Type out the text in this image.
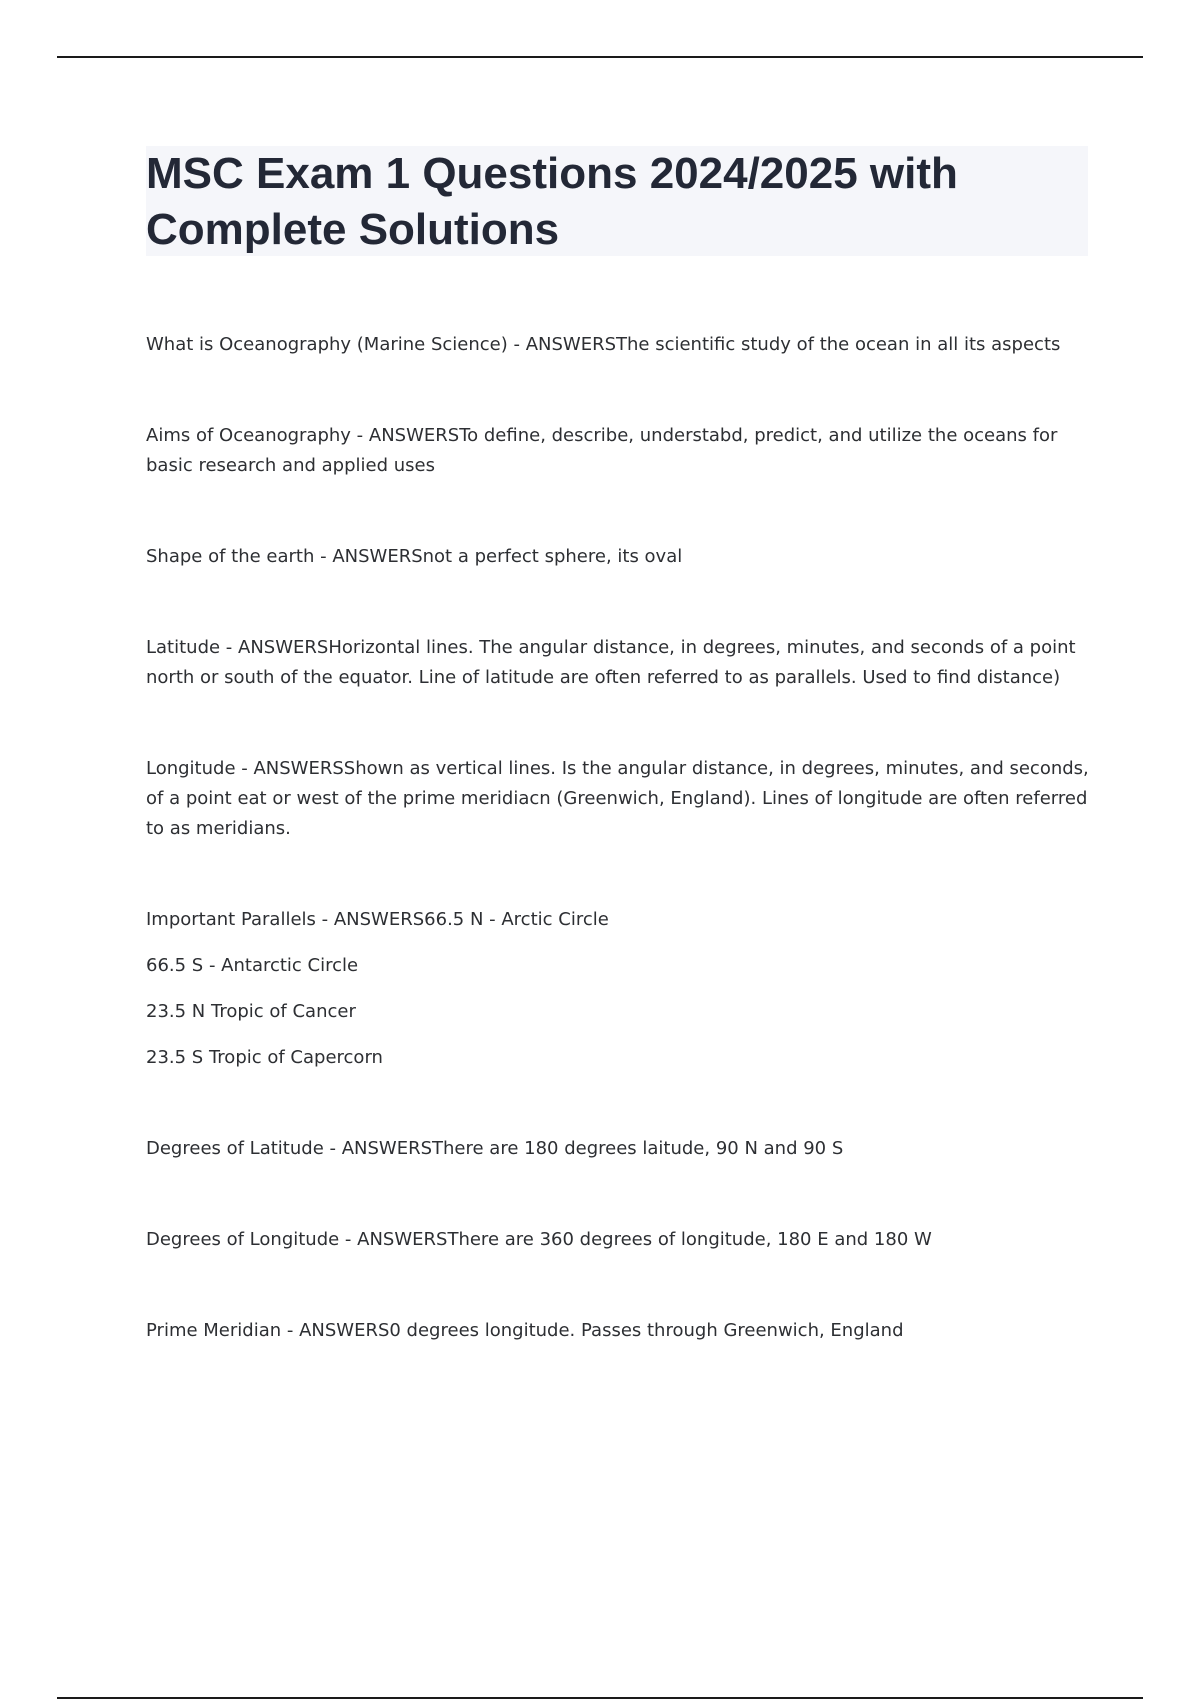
MSC Exam 1 Questions 2024/2025 with Complete Solutions

What is Oceanography (Marine Science) - ANSWERSThe scientific study of the ocean in all its aspects

Aims of Oceanography - ANSWERSTo define, describe, understabd, predict, and utilize the oceans for basic research and applied uses

Shape of the earth - ANSWERSnot a perfect sphere, its oval

Latitude - ANSWERSHorizontal lines. The angular distance, in degrees, minutes, and seconds of a point north or south of the equator. Line of latitude are often referred to as parallels. Used to find distance)

Longitude - ANSWERSShown as vertical lines. Is the angular distance, in degrees, minutes, and seconds, of a point eat or west of the prime meridiacn (Greenwich, England). Lines of longitude are often referred to as meridians.

Important Parallels - ANSWERS66.5 N - Arctic Circle

66.5 S - Antarctic Circle

23.5 N Tropic of Cancer

23.5 S Tropic of Capercorn

Degrees of Latitude - ANSWERSThere are 180 degrees laitude, 90 N and 90 S

Degrees of Longitude - ANSWERSThere are 360 degrees of longitude, 180 E and 180 W

Prime Meridian - ANSWERS0 degrees longitude. Passes through Greenwich, England
